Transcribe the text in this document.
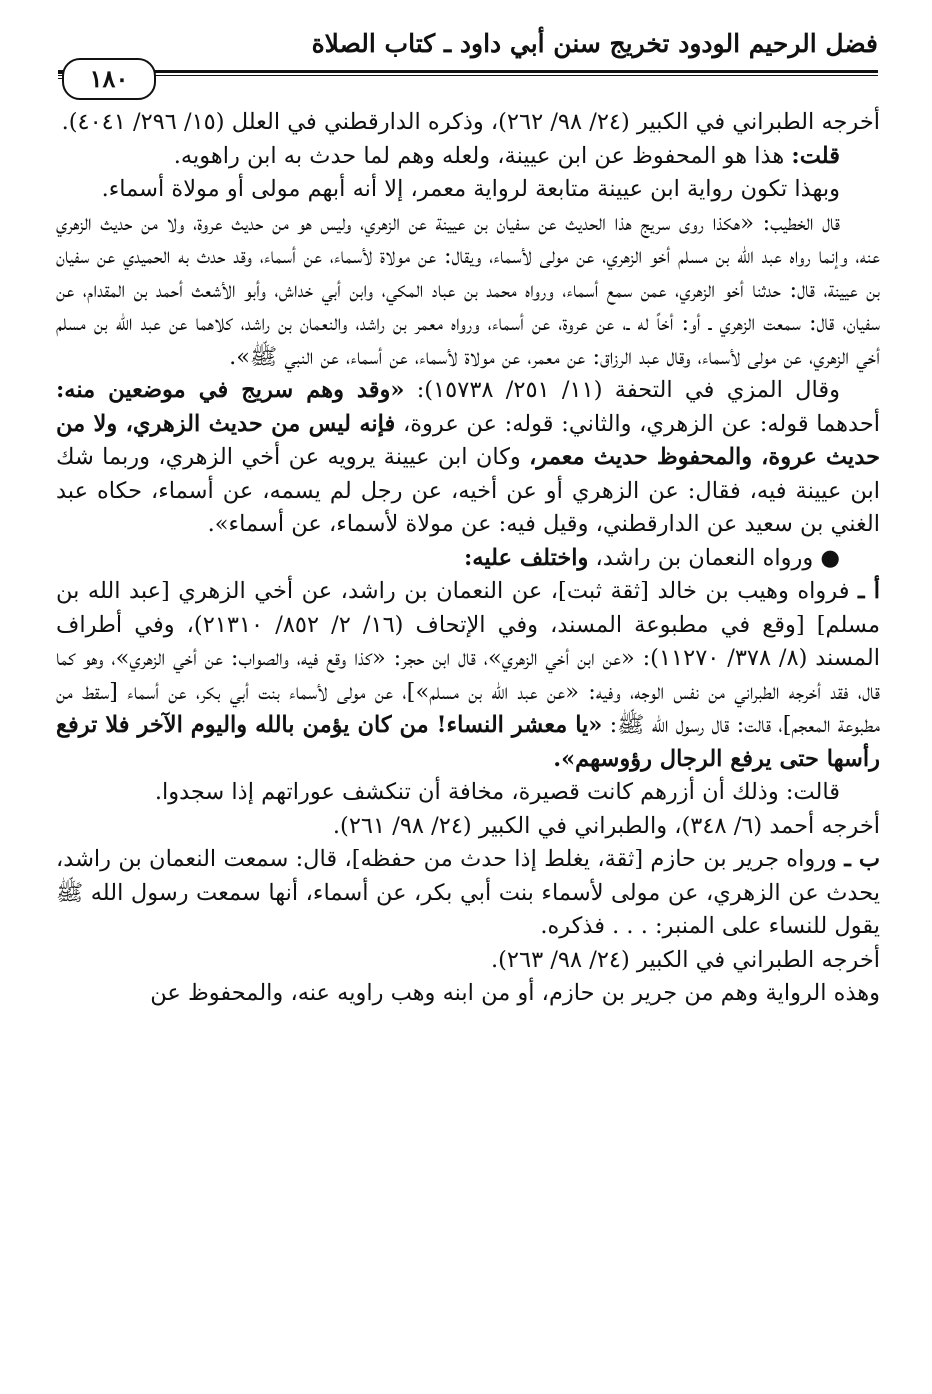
فضل الرحيم الودود تخريج سنن أبي داود ـ كتاب الصلاة
١٨٠

أخرجه الطبراني في الكبير (٢٤/ ٩٨/ ٢٦٢)، وذكره الدارقطني في العلل (١٥/ ٢٩٦/ ٤٠٤١).

قلت: هذا هو المحفوظ عن ابن عيينة، ولعله وهم لما حدث به ابن راهويه.

وبهذا تكون رواية ابن عيينة متابعة لرواية معمر، إلا أنه أبهم مولى أو مولاة أسماء.

قال الخطيب: «هكذا روى سريج هذا الحديث عن سفيان بن عيينة عن الزهري، وليس هو من حديث عروة، ولا من حديث الزهري عنه، وإنما رواه عبد الله بن مسلم أخو الزهري، عن مولى لأسماء، ويقال: عن مولاة لأسماء، عن أسماء، وقد حدث به الحميدي عن سفيان بن عيينة، قال: حدثنا أخو الزهري، عمن سمع أسماء، ورواه محمد بن عباد المكي، وابن أبي خداش، وأبو الأشعث أحمد بن المقدام، عن سفيان، قال: سمعت الزهري ـ أو: أخاً له ـ، عن عروة، عن أسماء، ورواه معمر بن راشد، والنعمان بن راشد، كلاهما عن عبد الله بن مسلم أخي الزهري، عن مولى لأسماء، وقال عبد الرزاق: عن معمر، عن مولاة لأسماء، عن أسماء، عن النبي ﷺ».

وقال المزي في التحفة (١١/ ٢٥١/ ١٥٧٣٨): «وقد وهم سريج في موضعين منه: أحدهما قوله: عن الزهري، والثاني: قوله: عن عروة، فإنه ليس من حديث الزهري، ولا من حديث عروة، والمحفوظ حديث معمر، وكان ابن عيينة يرويه عن أخي الزهري، وربما شك ابن عيينة فيه، فقال: عن الزهري أو عن أخيه، عن رجل لم يسمه، عن أسماء، حكاه عبد الغني بن سعيد عن الدارقطني، وقيل فيه: عن مولاة لأسماء، عن أسماء».

● ورواه النعمان بن راشد، واختلف عليه:

أ ـ فرواه وهيب بن خالد [ثقة ثبت]، عن النعمان بن راشد، عن أخي الزهري [عبد الله بن مسلم] [وقع في مطبوعة المسند، وفي الإتحاف (١٦/ ٢/ ٨٥٢/ ٢١٣١٠)، وفي أطراف المسند (٨/ ٣٧٨/ ١١٢٧٠): «عن ابن أخي الزهري»، قال ابن حجر: «كذا وقع فيه، والصواب: عن أخي الزهري»، وهو كما قال، فقد أخرجه الطبراني من نفس الوجه، وفيه: «عن عبد الله بن مسلم»]، عن مولى لأسماء بنت أبي بكر، عن أسماء [سقط من مطبوعة المعجم]، قالت: قال رسول الله ﷺ: «يا معشر النساء! من كان يؤمن بالله واليوم الآخر فلا ترفع رأسها حتى يرفع الرجال رؤوسهم».

قالت: وذلك أن أزرهم كانت قصيرة، مخافة أن تنكشف عوراتهم إذا سجدوا.

أخرجه أحمد (٦/ ٣٤٨)، والطبراني في الكبير (٢٤/ ٩٨/ ٢٦١).

ب ـ ورواه جرير بن حازم [ثقة، يغلط إذا حدث من حفظه]، قال: سمعت النعمان بن راشد، يحدث عن الزهري، عن مولى لأسماء بنت أبي بكر، عن أسماء، أنها سمعت رسول الله ﷺ يقول للنساء على المنبر: . . . فذكره.

أخرجه الطبراني في الكبير (٢٤/ ٩٨/ ٢٦٣).

وهذه الرواية وهم من جرير بن حازم، أو من ابنه وهب راويه عنه، والمحفوظ عن
